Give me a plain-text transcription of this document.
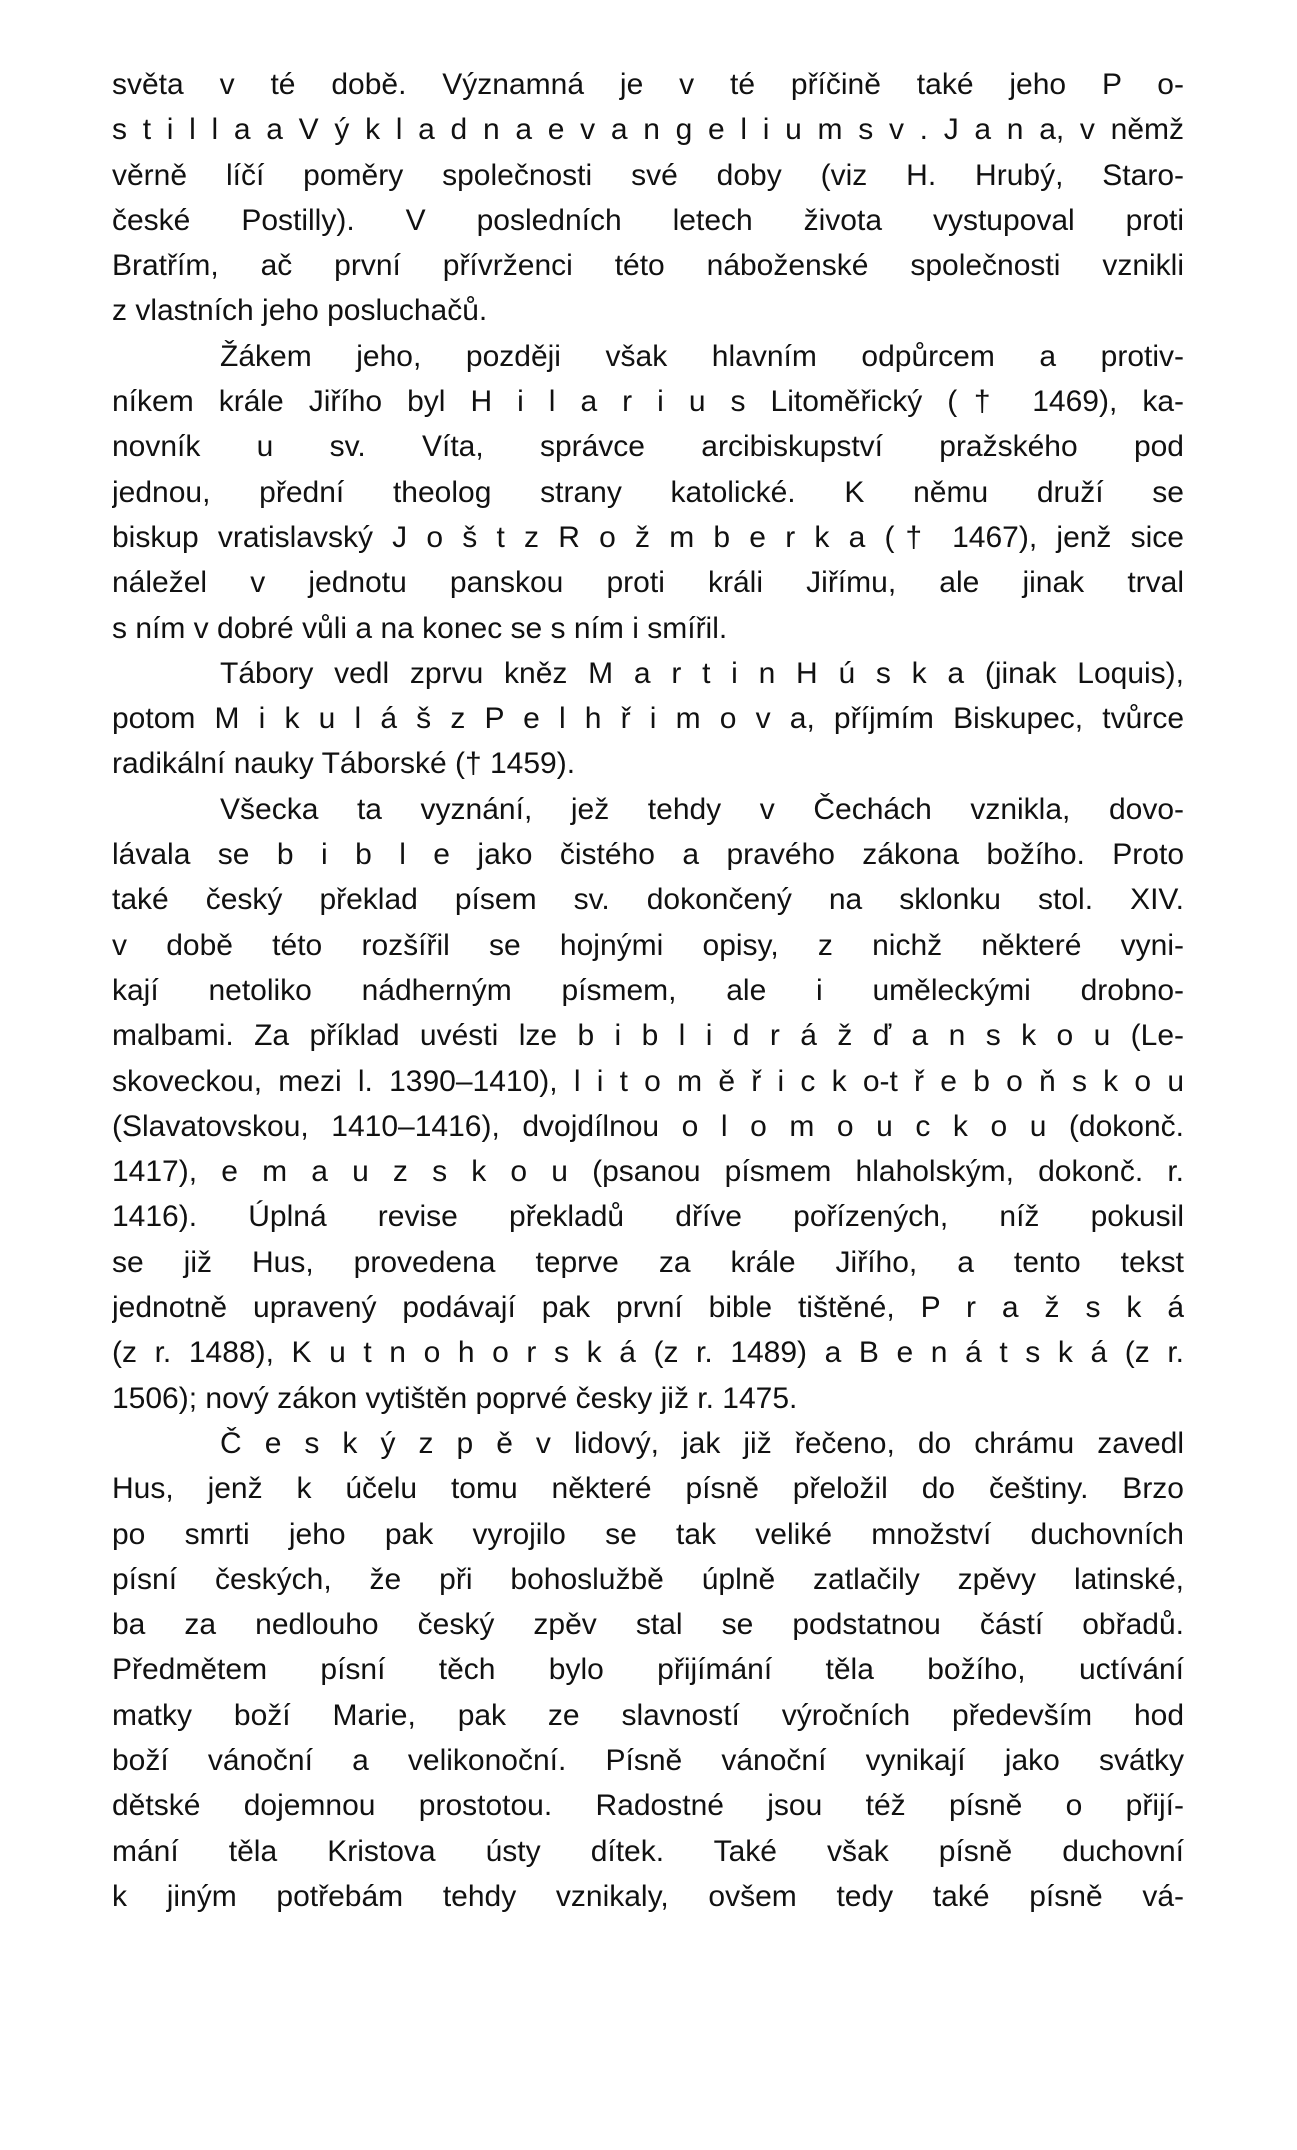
světa v té době. Významná je v té příčině také jeho P o-
s t i l l a a V ý k l a d n a e v a n g e l i u m s v . J a n a, v němž
věrně líčí poměry společnosti své doby (viz H. Hrubý, Staro-
české Postilly). V posledních letech života vystupoval proti
Bratřím, ač první přívrženci této náboženské společnosti vznikli
z vlastních jeho posluchačů.
Žákem jeho, později však hlavním odpůrcem a protiv-
níkem krále Jiřího byl H i l a r i u s Litoměřický († 1469), ka-
novník u sv. Víta, správce arcibiskupství pražského pod
jednou, přední theolog strany katolické. K němu druží se
biskup vratislavský J o š t z R o ž m b e r k a († 1467), jenž sice
náležel v jednotu panskou proti králi Jiřímu, ale jinak trval
s ním v dobré vůli a na konec se s ním i smířil.
Tábory vedl zprvu kněz M a r t i n H ú s k a (jinak Loquis),
potom M i k u l á š z P e l h ř i m o v a, příjmím Biskupec, tvůrce
radikální nauky Táborské († 1459).
Všecka ta vyznání, jež tehdy v Čechách vznikla, dovo-
lávala se b i b l e jako čistého a pravého zákona božího. Proto
také český překlad písem sv. dokončený na sklonku stol. XIV.
v době této rozšířil se hojnými opisy, z nichž některé vyni-
kají netoliko nádherným písmem, ale i uměleckými drobno-
malbami. Za příklad uvésti lze b i b l i d r á ž ď a n s k o u (Le-
skoveckou, mezi l. 1390–1410), l i t o m ě ř i c k o-t ř e b o ň s k o u
(Slavatovskou, 1410–1416), dvojdílnou o l o m o u c k o u (dokonč.
1417), e m a u z s k o u (psanou písmem hlaholským, dokonč. r.
1416). Úplná revise překladů dříve pořízených, níž pokusil
se již Hus, provedena teprve za krále Jiřího, a tento tekst
jednotně upravený podávají pak první bible tištěné, P r a ž s k á
(z r. 1488), K u t n o h o r s k á (z r. 1489) a B e n á t s k á (z r.
1506); nový zákon vytištěn poprvé česky již r. 1475.
Č e s k ý z p ě v lidový, jak již řečeno, do chrámu zavedl
Hus, jenž k účelu tomu některé písně přeložil do češtiny. Brzo
po smrti jeho pak vyrojilo se tak veliké množství duchovních
písní českých, že při bohoslužbě úplně zatlačily zpěvy latinské,
ba za nedlouho český zpěv stal se podstatnou částí obřadů.
Předmětem písní těch bylo přijímání těla božího, uctívání
matky boží Marie, pak ze slavností výročních především hod
boží vánoční a velikonoční. Písně vánoční vynikají jako svátky
dětské dojemnou prostotou. Radostné jsou též písně o přijí-
mání těla Kristova ústy dítek. Také však písně duchovní
k jiným potřebám tehdy vznikaly, ovšem tedy také písně vá-
